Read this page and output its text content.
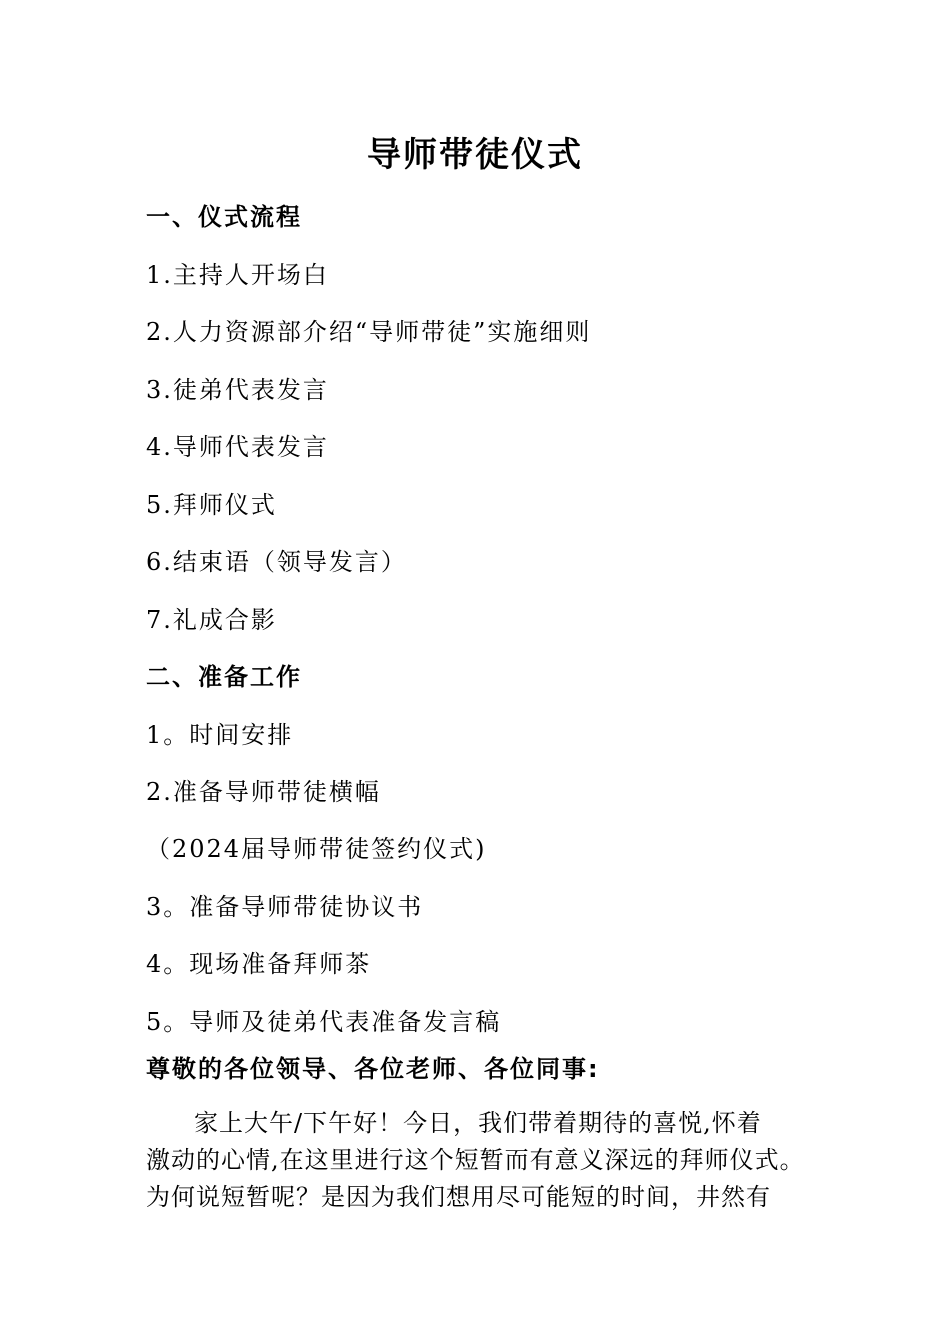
导师带徒仪式
一、仪式流程
1.主持人开场白
2.人力资源部介绍“导师带徒”实施细则
3.徒弟代表发言
4.导师代表发言
5.拜师仪式
6.结束语（领导发言）
7.礼成合影
二、准备工作
1。时间安排
2.准备导师带徒横幅
（2024届导师带徒签约仪式)
3。准备导师带徒协议书
4。现场准备拜师茶
5。导师及徒弟代表准备发言稿
尊敬的各位领导、各位老师、各位同事:
家上大午/下午好！今日，我们带着期待的喜悦,怀着
激动的心情,在这里进行这个短暂而有意义深远的拜师仪式。
为何说短暂呢？是因为我们想用尽可能短的时间，井然有
